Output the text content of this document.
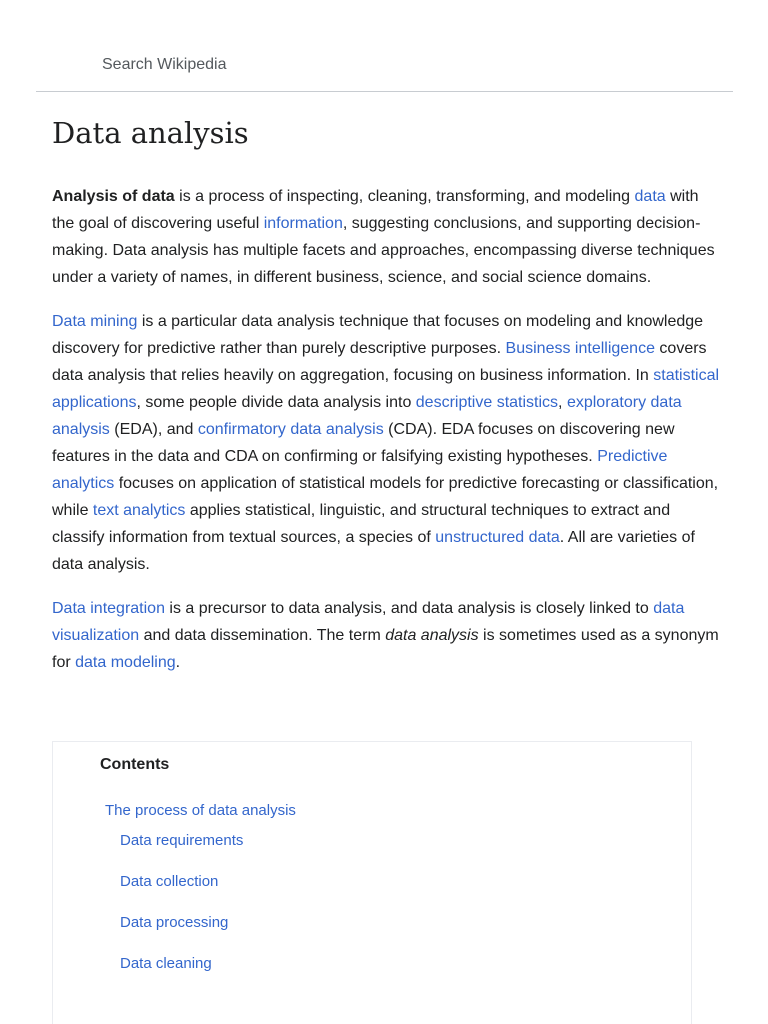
Search Wikipedia
Data analysis

Analysis of data is a process of inspecting, cleaning, transforming, and modeling data with the goal of discovering useful information, suggesting conclusions, and supporting decision-making. Data analysis has multiple facets and approaches, encompassing diverse techniques under a variety of names, in different business, science, and social science domains.

Data mining is a particular data analysis technique that focuses on modeling and knowledge discovery for predictive rather than purely descriptive purposes. Business intelligence covers data analysis that relies heavily on aggregation, focusing on business information. In statistical applications, some people divide data analysis into descriptive statistics, exploratory data analysis (EDA), and confirmatory data analysis (CDA). EDA focuses on discovering new features in the data and CDA on confirming or falsifying existing hypotheses. Predictive analytics focuses on application of statistical models for predictive forecasting or classification, while text analytics applies statistical, linguistic, and structural techniques to extract and classify information from textual sources, a species of unstructured data. All are varieties of data analysis.

Data integration is a precursor to data analysis, and data analysis is closely linked to data visualization and data dissemination. The term data analysis is sometimes used as a synonym for data modeling.

Contents
The process of data analysis
Data requirements
Data collection
Data processing
Data cleaning
